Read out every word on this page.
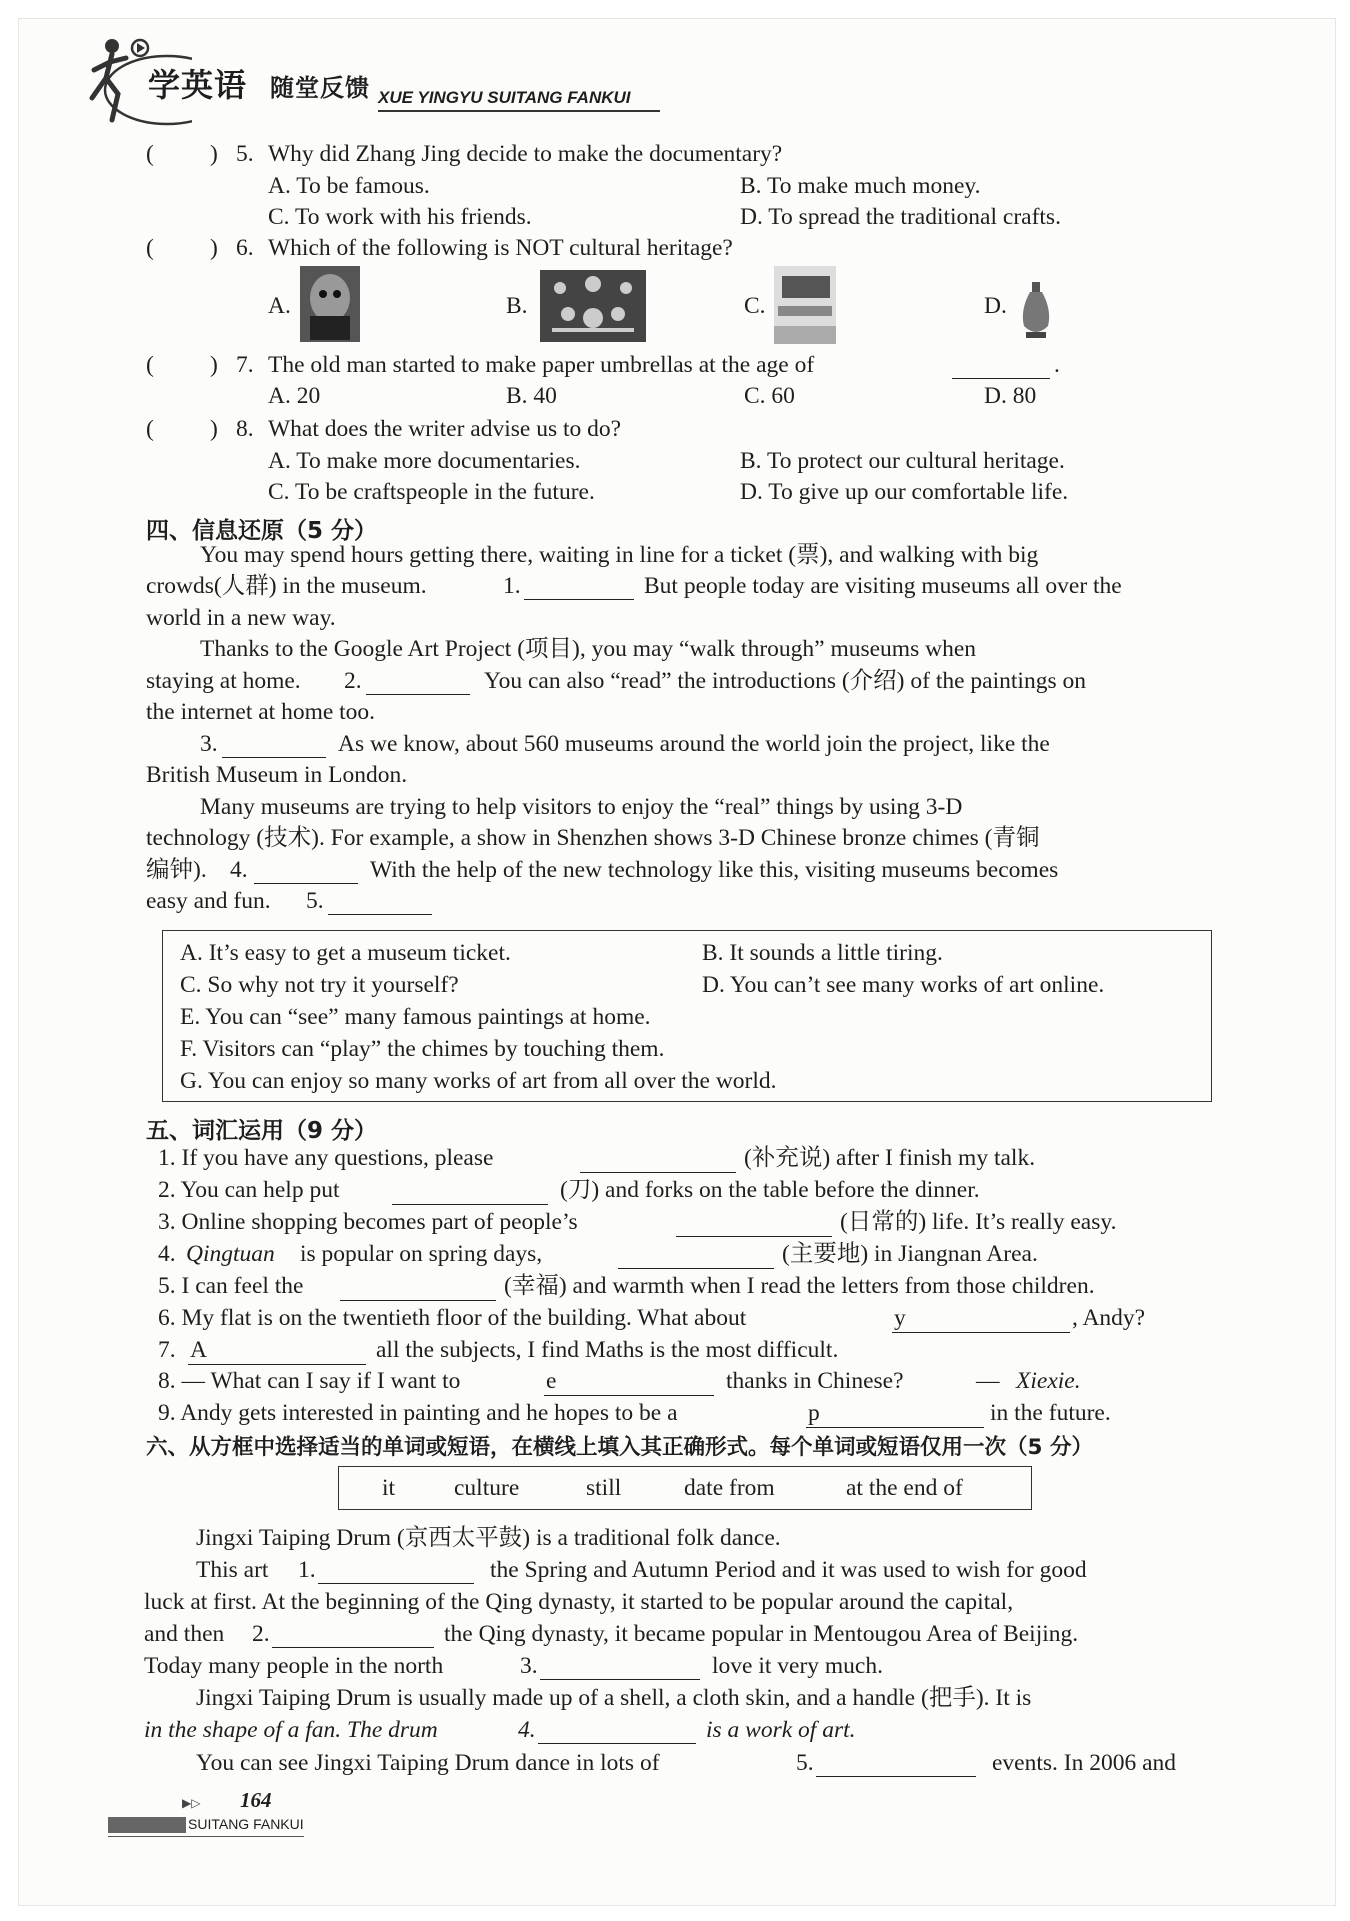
学英语 随堂反馈 XUE YINGYU SUITANG FANKUI
( ) 5. Why did Zhang Jing decide to make the documentary?
A. To be famous.	B. To make much money.
C. To work with his friends.	D. To spread the traditional crafts.
( ) 6. Which of the following is NOT cultural heritage?
A.	B.	C.	D.
( ) 7. The old man started to make paper umbrellas at the age of	.
A. 20	B. 40	C. 60	D. 80
( ) 8. What does the writer advise us to do?
A. To make more documentaries.	B. To protect our cultural heritage.
C. To be craftspeople in the future.	D. To give up our comfortable life.
四、信息还原（5 分）
You may spend hours getting there, waiting in line for a ticket (票), and walking with big
crowds(人群) in the museum.	1.	But people today are visiting museums all over the
world in a new way.
Thanks to the Google Art Project (项目), you may “walk through” museums when
staying at home. 2.	You can also “read” the introductions (介绍) of the paintings on
the internet at home too.
3.	As we know, about 560 museums around the world join the project, like the
British Museum in London.
Many museums are trying to help visitors to enjoy the “real” things by using 3-D
technology (技术). For example, a show in Shenzhen shows 3-D Chinese bronze chimes (青铜
编钟). 4.	With the help of the new technology like this, visiting museums becomes
easy and fun. 5.
A. It’s easy to get a museum ticket.	B. It sounds a little tiring.
C. So why not try it yourself?	D. You can’t see many works of art online.
E. You can “see” many famous paintings at home.
F. Visitors can “play” the chimes by touching them.
G. You can enjoy so many works of art from all over the world.
五、词汇运用（9 分）
1. If you have any questions, please	(补充说) after I finish my talk.
2. You can help put	(刀) and forks on the table before the dinner.
3. Online shopping becomes part of people’s	(日常的) life. It’s really easy.
4. Qingtuan is popular on spring days,	(主要地) in Jiangnan Area.
5. I can feel the	(幸福) and warmth when I read the letters from those children.
6. My flat is on the twentieth floor of the building. What about	y	, Andy?
7. A	all the subjects, I find Maths is the most difficult.
8. — What can I say if I want to	e	thanks in Chinese?	— Xiexie.
9. Andy gets interested in painting and he hopes to be a	p	in the future.
六、从方框中选择适当的单词或短语，在横线上填入其正确形式。每个单词或短语仅用一次（5 分）
it	culture	still	date from	at the end of
Jingxi Taiping Drum (京西太平鼓) is a traditional folk dance.
This art 1.	the Spring and Autumn Period and it was used to wish for good
luck at first. At the beginning of the Qing dynasty, it started to be popular around the capital,
and then 2.	the Qing dynasty, it became popular in Mentougou Area of Beijing.
Today many people in the north	3.	love it very much.
Jingxi Taiping Drum is usually made up of a shell, a cloth skin, and a handle (把手). It is
in the shape of a fan. The drum	4.	is a work of art.
You can see Jingxi Taiping Drum dance in lots of	5.	events. In 2006 and
▶▷ 164
SUITANG FANKUI
